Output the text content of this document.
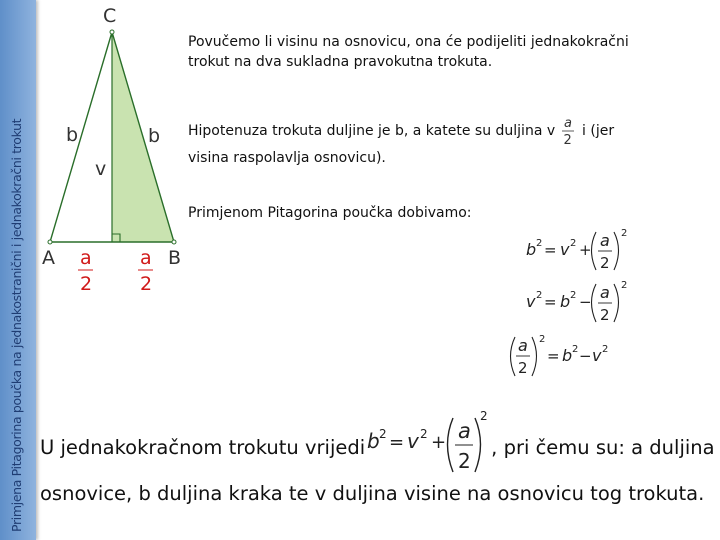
Primjena Pitagorina poučka na jednakostranični i jednakokračni trokut
C
A	B
b	b
v
a
2
a
2
Povučemo li visinu na osnovicu, ona će podijeliti jednakokračni trokut na dva sukladna pravokutna trokuta.
Hipotenuza trokuta duljine je b, a katete su duljina v a
2
i (jer visina raspolavlja osnovicu).
Primjenom Pitagorina poučka dobivamo:
b 2 = v 2 + a
2
2
v 2 = b 2 − a
2
2
a
2
2
= b 2 − v 2
U jednakokračnom trokutu vrijedi b 2 = v 2 + a
2
2
, pri čemu su: a duljina
osnovice, b duljina kraka te v duljina visine na osnovicu tog trokuta.
